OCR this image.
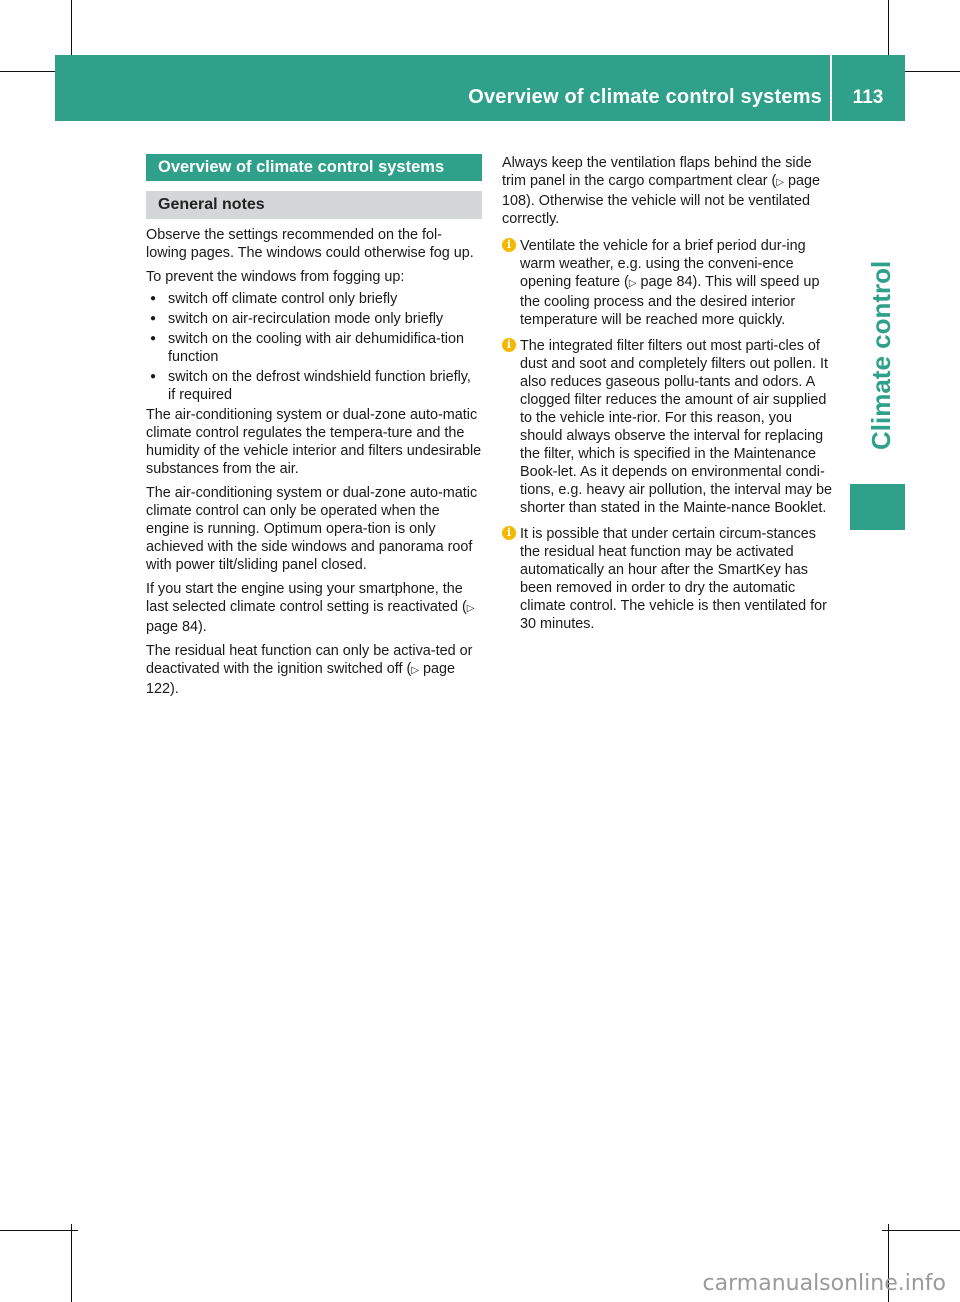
Overview of climate control systems	113
Climate control
Overview of climate control systems
General notes

Observe the settings recommended on the fol-lowing pages. The windows could otherwise fog up.

To prevent the windows from fogging up:

● switch off climate control only briefly
● switch on air-recirculation mode only briefly
● switch on the cooling with air dehumidifica-tion function
● switch on the defrost windshield function briefly, if required

The air-conditioning system or dual-zone auto-matic climate control regulates the tempera-ture and the humidity of the vehicle interior and filters undesirable substances from the air.

The air-conditioning system or dual-zone auto-matic climate control can only be operated when the engine is running. Optimum opera-tion is only achieved with the side windows and panorama roof with power tilt/sliding panel closed.

If you start the engine using your smartphone, the last selected climate control setting is reactivated (▷ page 84).

The residual heat function can only be activa-ted or deactivated with the ignition switched off (▷ page 122).

Always keep the ventilation flaps behind the side trim panel in the cargo compartment clear (▷ page 108). Otherwise the vehicle will not be ventilated correctly.

i Ventilate the vehicle for a brief period dur-ing warm weather, e.g. using the conveni-ence opening feature (▷ page 84). This will speed up the cooling process and the desired interior temperature will be reached more quickly.
i The integrated filter filters out most parti-cles of dust and soot and completely filters out pollen. It also reduces gaseous pollu-tants and odors. A clogged filter reduces the amount of air supplied to the vehicle inte-rior. For this reason, you should always observe the interval for replacing the filter, which is specified in the Maintenance Book-let. As it depends on environmental condi-tions, e.g. heavy air pollution, the interval may be shorter than stated in the Mainte-nance Booklet.
i It is possible that under certain circum-stances the residual heat function may be activated automatically an hour after the SmartKey has been removed in order to dry the automatic climate control. The vehicle is then ventilated for 30 minutes.
carmanualsonline.info
